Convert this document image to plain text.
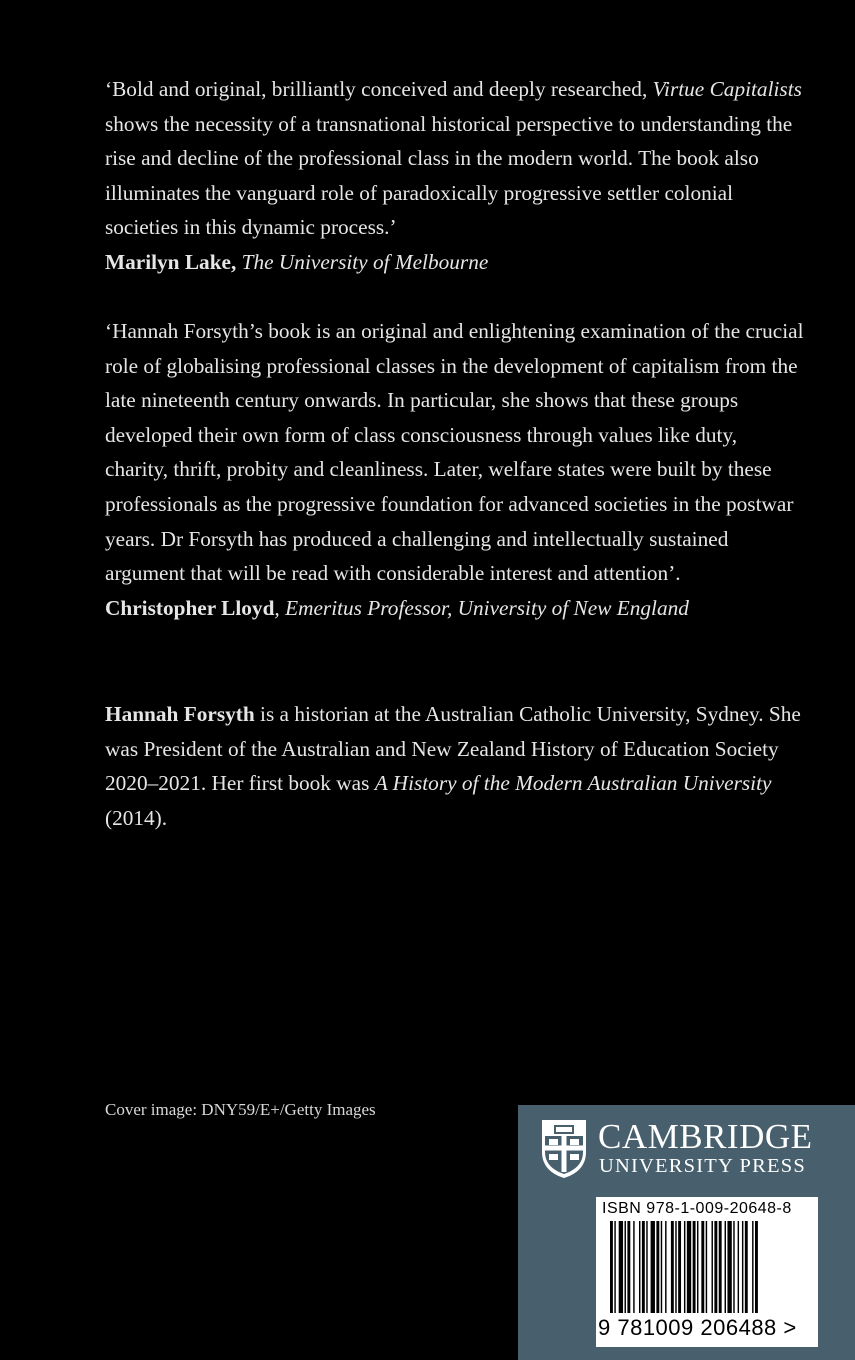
‘Bold and original, brilliantly conceived and deeply researched, Virtue Capitalists shows the necessity of a transnational historical perspective to understanding the rise and decline of the professional class in the modern world. The book also illuminates the vanguard role of paradoxically progressive settler colonial societies in this dynamic process.’

Marilyn Lake, The University of Melbourne

‘Hannah Forsyth’s book is an original and enlightening examination of the crucial role of globalising professional classes in the development of capitalism from the late nineteenth century onwards. In particular, she shows that these groups developed their own form of class consciousness through values like duty, charity, thrift, probity and cleanliness. Later, welfare states were built by these professionals as the progressive foundation for advanced societies in the postwar years. Dr Forsyth has produced a challenging and intellectually sustained argument that will be read with considerable interest and attention’.

Christopher Lloyd, Emeritus Professor, University of New England

Hannah Forsyth is a historian at the Australian Catholic University, Sydney. She was President of the Australian and New Zealand History of Education Society 2020–2021. Her first book was A History of the Modern Australian University (2014).

Cover image: DNY59/E+/Getty Images
CAMBRIDGE
UNIVERSITY PRESS
ISBN 978-1-009-20648-8
9 781009 206488 >
